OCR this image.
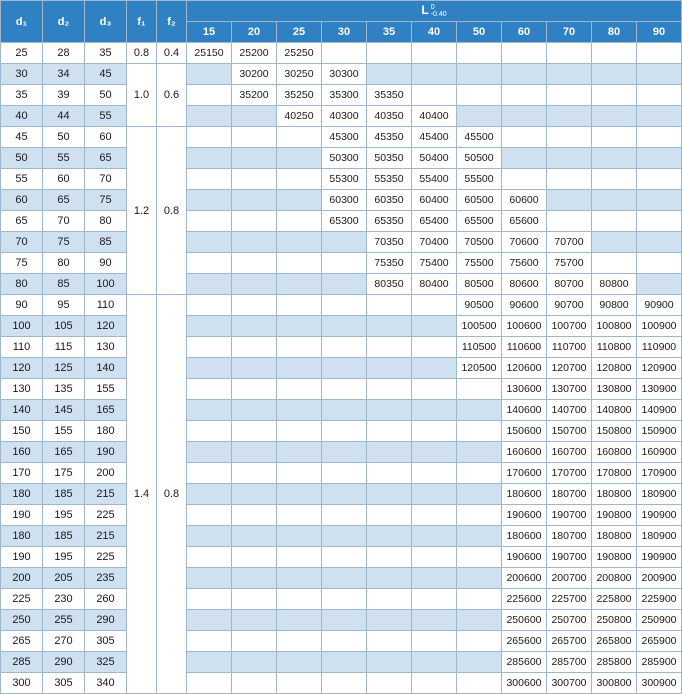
d₁	d₂	d₃	f₁	f₂	L 0
-0.40										
					15	20	25	30	35	40	50	60	70	80	90
25	28	35	0.8	0.4	25150	25200	25250								
30	34	45	1.0	0.6		30200	30250	30300							
35	39	50				35200	35250	35300	35350						
40	44	55					40250	40300	40350	40400					
45	50	60	1.2	0.8				45300	45350	45400	45500				
50	55	65						50300	50350	50400	50500				
55	60	70						55300	55350	55400	55500				
60	65	75						60300	60350	60400	60500	60600			
65	70	80						65300	65350	65400	65500	65600			
70	75	85							70350	70400	70500	70600	70700		
75	80	90							75350	75400	75500	75600	75700		
80	85	100							80350	80400	80500	80600	80700	80800	
90	95	110	1.4	0.8							90500	90600	90700	90800	90900
100	105	120									100500	100600	100700	100800	100900
110	115	130									110500	110600	110700	110800	110900
120	125	140									120500	120600	120700	120800	120900
130	135	155										130600	130700	130800	130900
140	145	165										140600	140700	140800	140900
150	155	180										150600	150700	150800	150900
160	165	190										160600	160700	160800	160900
170	175	200										170600	170700	170800	170900
180	185	215										180600	180700	180800	180900
190	195	225										190600	190700	190800	190900
180	185	215										180600	180700	180800	180900
190	195	225										190600	190700	190800	190900
200	205	235										200600	200700	200800	200900
225	230	260										225600	225700	225800	225900
250	255	290										250600	250700	250800	250900
265	270	305										265600	265700	265800	265900
285	290	325										285600	285700	285800	285900
300	305	340										300600	300700	300800	300900
